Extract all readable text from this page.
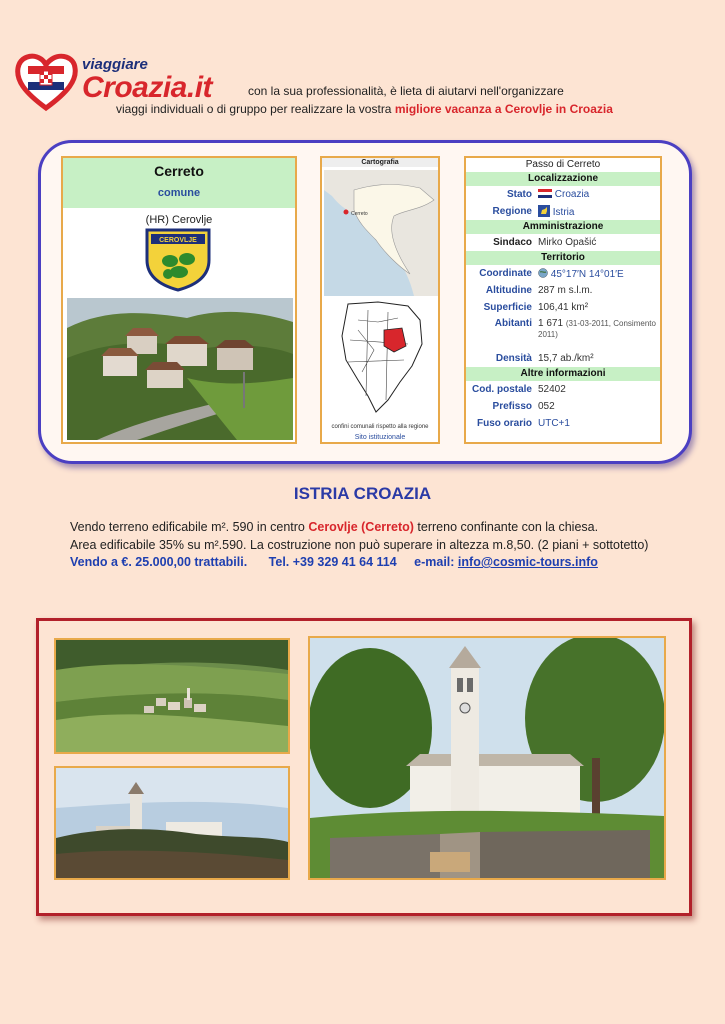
viaggiare
Croazia.it	con la sua professionalità, è lieta di aiutarvi nell'organizzare
viaggi individuali o di gruppo per realizzare la vostra migliore vacanza a Cerovlje in Croazia
Cerreto
comune
(HR) Cerovlje
CEROVLJE
Cartografia
Cerreto
confini comunali rispetto alla regione
Sito istituzionale
Passo di Cerreto
Localizzazione
Stato	Croazia
Regione	Istria
Amministrazione
Sindaco Mirko Opašić
Territorio
Coordinate	45°17′N 14°01′E
Altitudine 287 m s.l.m.
Superficie 106,41 km²
Abitanti 1 671 (31-03-2011, Consimento 2011)
Densità 15,7 ab./km²
Altre informazioni
Cod. postale 52402
Prefisso 052
Fuso orario UTC+1
ISTRIA CROAZIA
Vendo terreno edificabile m². 590 in centro Cerovlje (Cerreto) terreno confinante con la chiesa.
Area edificabile 35% su m².590. La costruzione non può superare in altezza m.8,50. (2 piani + sottotetto)
Vendo a €. 25.000,00 trattabili. Tel. +39 329 41 64 114 e-mail: info@cosmic-tours.info
